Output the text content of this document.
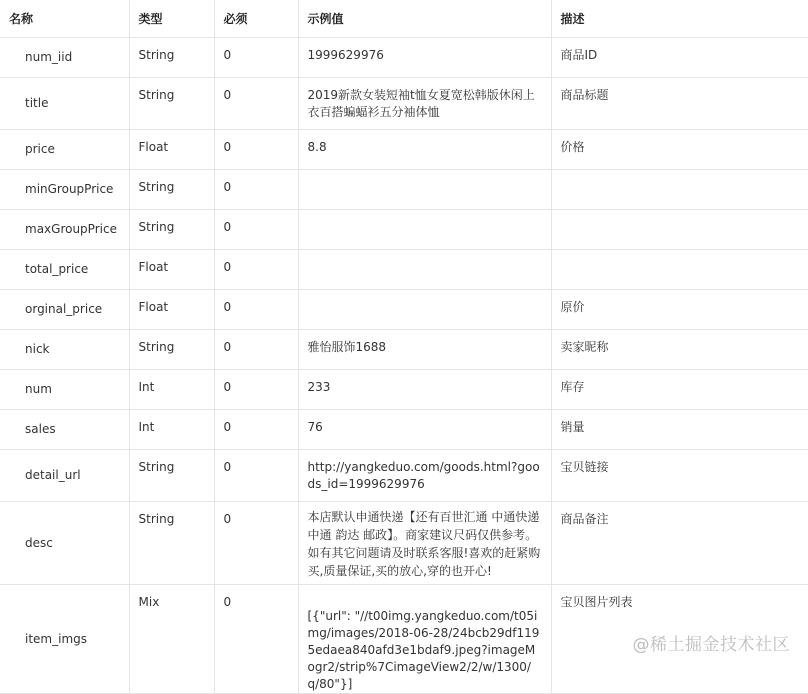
名称	类型	必须	示例值	描述
num_iid	String	0	1999629976	商品ID
title	String	0	2019新款女装短袖t恤女夏宽松韩版休闲上衣百搭蝙蝠衫五分袖体恤	商品标题
price	Float	0	8.8	价格
minGroupPrice	String	0		
maxGroupPrice	String	0		
total_price	Float	0		
orginal_price	Float	0		原价
nick	String	0	雅怡服饰1688	卖家昵称
num	Int	0	233	库存
sales	Int	0	76	销量
detail_url	String	0	http://yangkeduo.com/goods.html?goods_id=1999629976	宝贝链接
desc	String	0	本店默认申通快递【还有百世汇通 中通快递 中通 韵达 邮政】。商家建议尺码仅供参考。如有其它问题请及时联系客服!喜欢的赶紧购买,质量保证,买的放心,穿的也开心!	商品备注
item_imgs	Mix	0	[{"url": "//t00img.yangkeduo.com/t05img/images/2018-06-28/24bcb29df1195edaea840afd3e1bdaf9.jpeg?imageMogr2/strip%7CimageView2/2/w/1300/q/80"}]	宝贝图片列表
@稀土掘金技术社区
